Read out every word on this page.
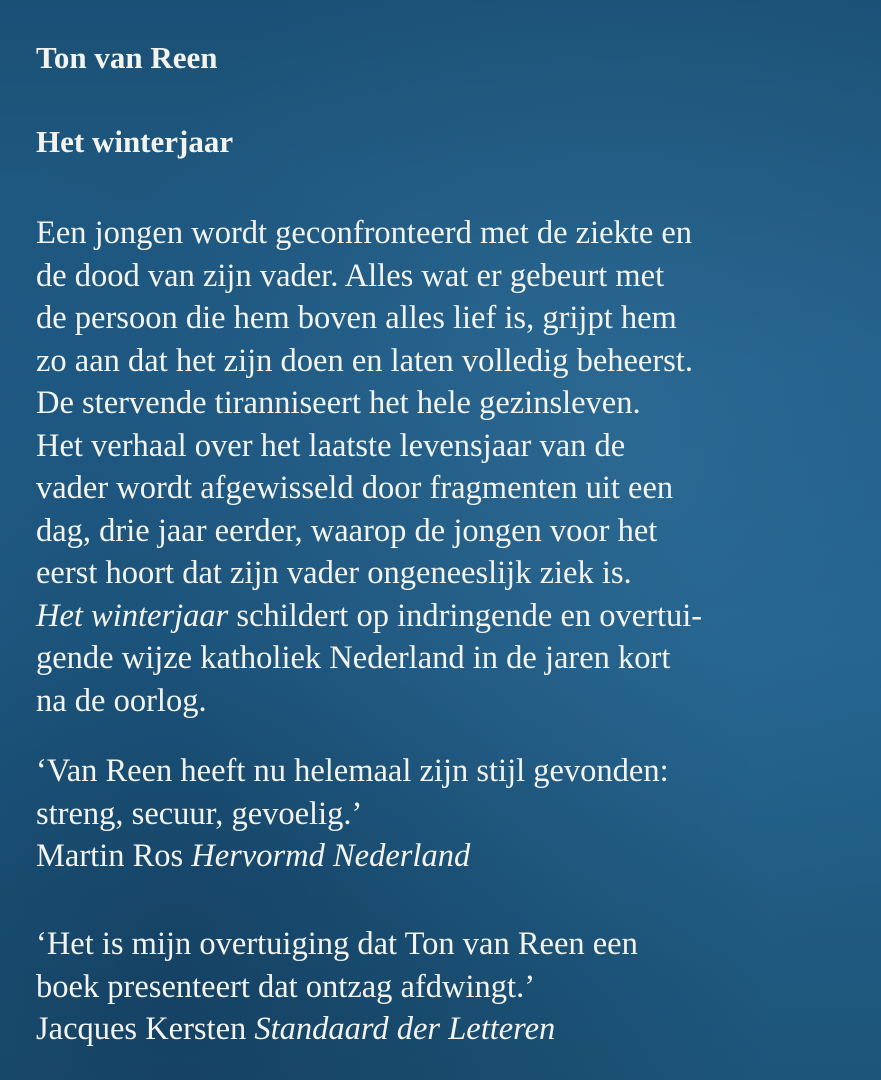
Ton van Reen
Het winterjaar
Een jongen wordt geconfronteerd met de ziekte en
de dood van zijn vader. Alles wat er gebeurt met
de persoon die hem boven alles lief is, grijpt hem
zo aan dat het zijn doen en laten volledig beheerst.
De stervende tiranniseert het hele gezinsleven.
Het verhaal over het laatste levensjaar van de
vader wordt afgewisseld door fragmenten uit een
dag, drie jaar eerder, waarop de jongen voor het
eerst hoort dat zijn vader ongeneeslijk ziek is.
Het winterjaar schildert op indringende en overtui-
gende wijze katholiek Nederland in de jaren kort
na de oorlog.
‘Van Reen heeft nu helemaal zijn stijl gevonden:
streng, secuur, gevoelig.’
Martin Ros Hervormd Nederland
‘Het is mijn overtuiging dat Ton van Reen een
boek presenteert dat ontzag afdwingt.’
Jacques Kersten Standaard der Letteren
